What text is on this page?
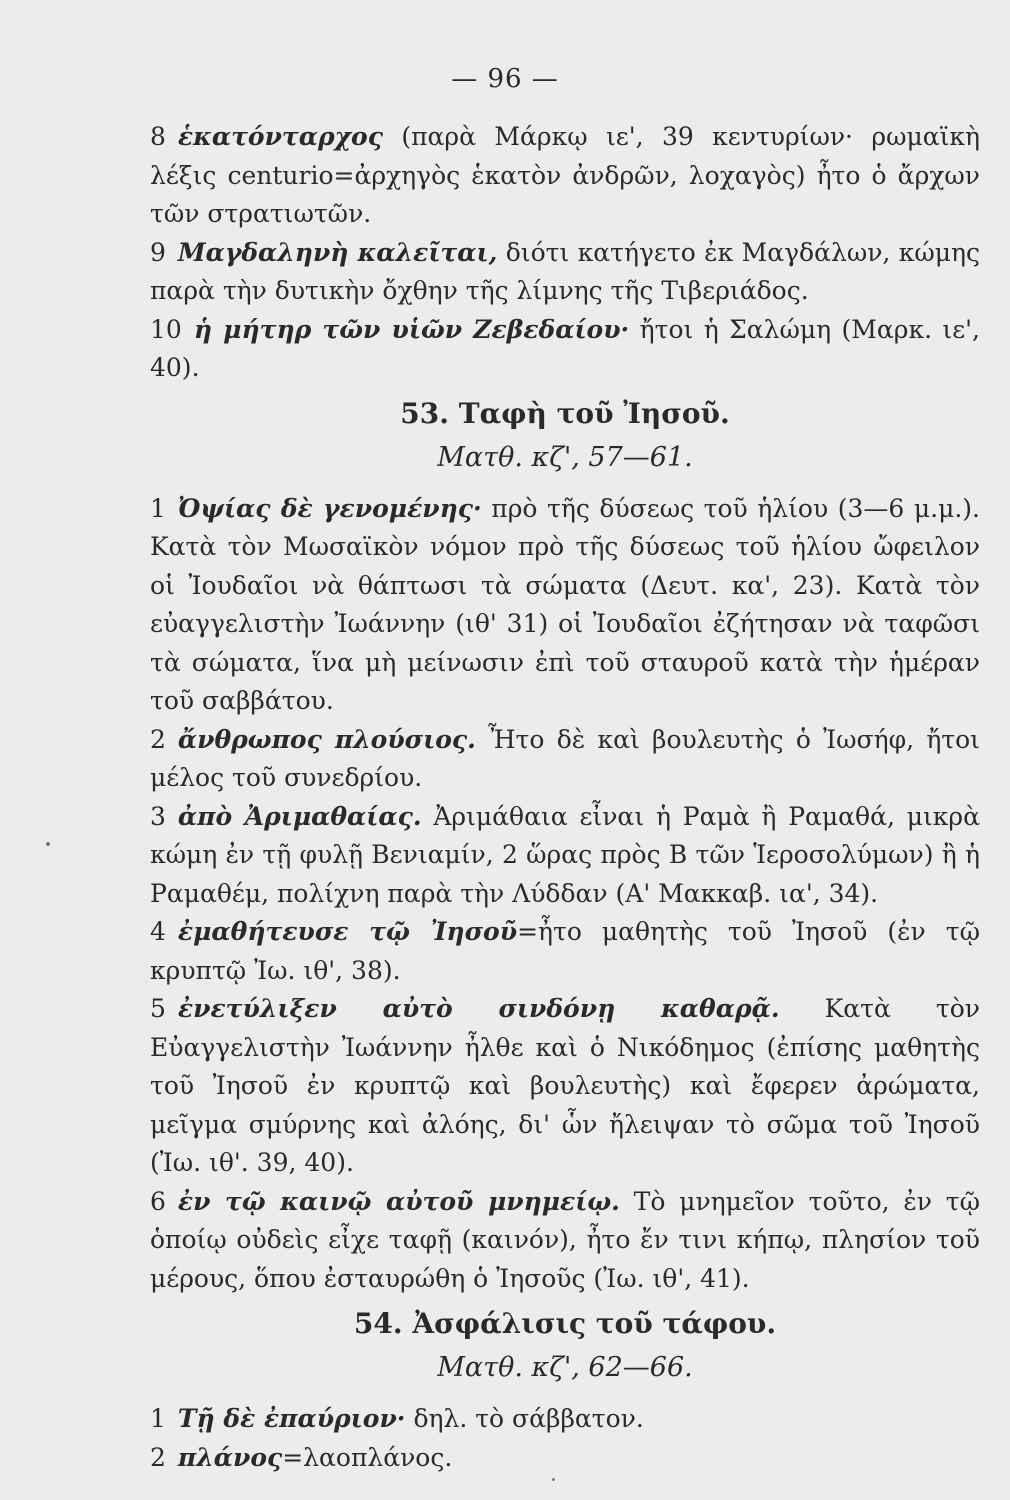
— 96 —

8 ἑκατόνταρχος (παρὰ Μάρκῳ ιε', 39 κεντυρίων· ρωμαϊκὴ λέξις centurio=ἀρχηγὸς ἑκατὸν ἀνδρῶν, λοχαγὸς) ἦτο ὁ ἄρχων τῶν στρατιωτῶν.

9 Μαγδαληνὴ καλεῖται, διότι κατήγετο ἐκ Μαγδάλων, κώμης παρὰ τὴν δυτικὴν ὄχθην τῆς λίμνης τῆς Τιβεριάδος.

10 ἡ μήτηρ τῶν υἱῶν Ζεβεδαίου· ἤτοι ἡ Σαλώμη (Μαρκ. ιε', 40).

53. Ταφὴ τοῦ Ἰησοῦ.
Ματθ. κζ', 57—61.

1 Ὀψίας δὲ γενομένης· πρὸ τῆς δύσεως τοῦ ἡλίου (3—6 μ.μ.). Κατὰ τὸν Μωσαϊκὸν νόμον πρὸ τῆς δύσεως τοῦ ἡλίου ὤφειλον οἱ Ἰουδαῖοι νὰ θάπτωσι τὰ σώματα (Δευτ. κα', 23). Κατὰ τὸν εὐαγγελιστὴν Ἰωάννην (ιθ' 31) οἱ Ἰουδαῖοι ἐζήτησαν νὰ ταφῶσι τὰ σώματα, ἵνα μὴ μείνωσιν ἐπὶ τοῦ σταυροῦ κατὰ τὴν ἡμέραν τοῦ σαββάτου.

2 ἄνθρωπος πλούσιος. Ἦτο δὲ καὶ βουλευτὴς ὁ Ἰωσήφ, ἤτοι μέλος τοῦ συνεδρίου.

3 ἀπὸ Ἀριμαθαίας. Ἀριμάθαια εἶναι ἡ Ραμὰ ἢ Ραμαθά, μικρὰ κώμη ἐν τῇ φυλῇ Βενιαμίν, 2 ὥρας πρὸς Β τῶν Ἱεροσολύμων) ἢ ἡ Ραμαθέμ, πολίχνη παρὰ τὴν Λύδδαν (Α' Μακκαβ. ια', 34).

4 ἐμαθήτευσε τῷ Ἰησοῦ=ἦτο μαθητὴς τοῦ Ἰησοῦ (ἐν τῷ κρυπτῷ Ἰω. ιθ', 38).

5 ἐνετύλιξεν αὐτὸ σινδόνῃ καθαρᾷ. Κατὰ τὸν Εὐαγγελιστὴν Ἰωάννην ἦλθε καὶ ὁ Νικόδημος (ἐπίσης μαθητὴς τοῦ Ἰησοῦ ἐν κρυπτῷ καὶ βουλευτὴς) καὶ ἔφερεν ἀρώματα, μεῖγμα σμύρνης καὶ ἀλόης, δι' ὧν ἤλειψαν τὸ σῶμα τοῦ Ἰησοῦ (Ἰω. ιθ'. 39, 40).

6 ἐν τῷ καινῷ αὐτοῦ μνημείῳ. Τὸ μνημεῖον τοῦτο, ἐν τῷ ὁποίῳ οὐδεὶς εἶχε ταφῇ (καινόν), ἦτο ἔν τινι κήπῳ, πλησίον τοῦ μέρους, ὅπου ἐσταυρώθη ὁ Ἰησοῦς (Ἰω. ιθ', 41).

54. Ἀσφάλισις τοῦ τάφου.
Ματθ. κζ', 62—66.

1 Τῇ δὲ ἐπαύριον· δηλ. τὸ σάββατον.

2 πλάνος=λαοπλάνος.
